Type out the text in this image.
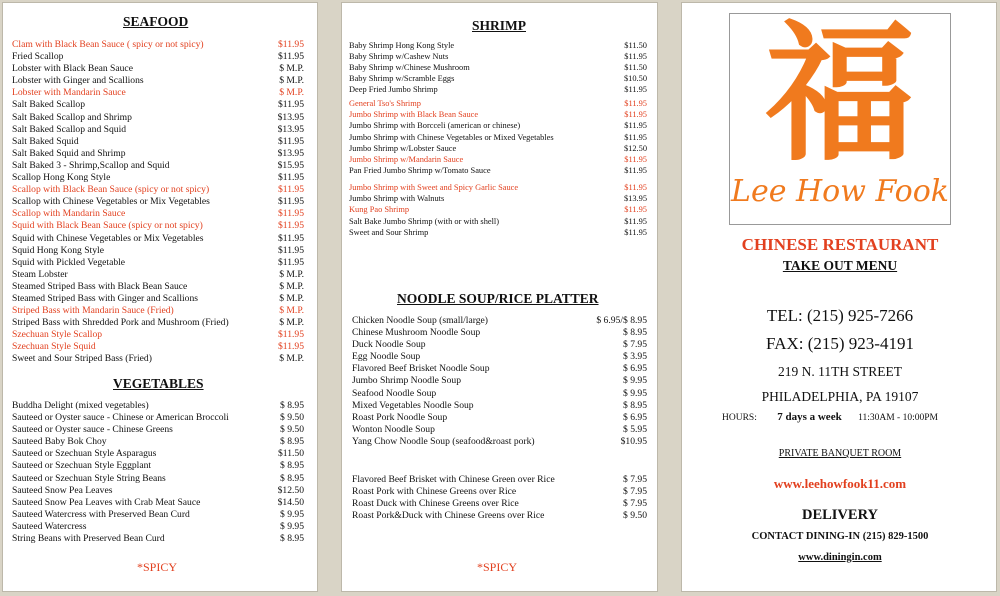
SEAFOOD
Clam with Black Bean Sauce ( spicy or not spicy)	$11.95
Fried Scallop	$11.95
Lobster with Black Bean Sauce	$ M.P.
Lobster with Ginger and Scallions	$ M.P.
Lobster with Mandarin Sauce	$ M.P.
Salt Baked Scallop	$11.95
Salt Baked Scallop and Shrimp	$13.95
Salt Baked Scallop and Squid	$13.95
Salt Baked Squid	$11.95
Salt Baked Squid and Shrimp	$13.95
Salt Baked 3 - Shrimp,Scallop and Squid	$15.95
Scallop Hong Kong Style	$11.95
Scallop with Black Bean Sauce (spicy or not spicy)	$11.95
Scallop with Chinese Vegetables or Mix Vegetables	$11.95
Scallop with Mandarin Sauce	$11.95
Squid with Black Bean Sauce (spicy or not spicy)	$11.95
Squid with Chinese Vegetables or Mix Vegetables	$11.95
Squid Hong Kong Style	$11.95
Squid with Pickled Vegetable	$11.95
Steam Lobster	$ M.P.
Steamed Striped Bass with Black Bean Sauce	$ M.P.
Steamed Striped Bass with Ginger and Scallions	$ M.P.
Striped Bass with Mandarin Sauce (Fried)	$ M.P.
Striped Bass with Shredded Pork and Mushroom (Fried)	$ M.P.
Szechuan Style Scallop	$11.95
Szechuan Style Squid	$11.95
Sweet and Sour Striped Bass (Fried)	$ M.P.
VEGETABLES
Buddha Delight (mixed vegetables)	$ 8.95
Sauteed or Oyster sauce - Chinese or American Broccoli	$ 9.50
Sauteed or Oyster sauce - Chinese Greens	$ 9.50
Sauteed Baby Bok Choy	$ 8.95
Sauteed or Szechuan Style Asparagus	$11.50
Sauteed or Szechuan Style Eggplant	$ 8.95
Sauteed or Szechuan Style String Beans	$ 8.95
Sauteed Snow Pea Leaves	$12.50
Sauteed Snow Pea Leaves with Crab Meat Sauce	$14.50
Sauteed Watercress with Preserved Bean Curd	$ 9.95
Sauteed Watercress	$ 9.95
String Beans with Preserved Bean Curd	$ 8.95
*SPICY
SHRIMP
Baby Shrimp Hong Kong Style	$11.50
Baby Shrimp w/Cashew Nuts	$11.95
Baby Shrimp w/Chinese Mushroom	$11.50
Baby Shrimp w/Scramble Eggs	$10.50
Deep Fried Jumbo Shrimp	$11.95
General Tso's Shrimp	$11.95
Jumbo Shrimp with Black Bean Sauce	$11.95
Jumbo Shrimp with Borcceli (american or chinese)	$11.95
Jumbo Shrimp with Chinese Vegetables or Mixed Vegetables	$11.95
Jumbo Shrimp w/Lobster Sauce	$12.50
Jumbo Shrimp w/Mandarin Sauce	$11.95
Pan Fried Jumbo Shrimp w/Tomato Sauce	$11.95
Jumbo Shrimp with Sweet and Spicy Garlic Sauce	$11.95
Jumbo Shrimp with Walnuts	$13.95
Kung Pao Shrimp	$11.95
Salt Bake Jumbo Shrimp (with or with shell)	$11.95
Sweet and Sour Shrimp	$11.95
NOODLE SOUP/RICE PLATTER
Chicken Noodle Soup (small/large)	$ 6.95/$ 8.95
Chinese Mushroom Noodle Soup	$ 8.95
Duck Noodle Soup	$ 7.95
Egg Noodle Soup	$ 3.95
Flavored Beef Brisket Noodle Soup	$ 6.95
Jumbo Shrimp Noodle Soup	$ 9.95
Seafood Noodle Soup	$ 9.95
Mixed Vegetables Noodle Soup	$ 8.95
Roast Pork Noodle Soup	$ 6.95
Wonton Noodle Soup	$ 5.95
Yang Chow Noodle Soup (seafood&roast pork)	$10.95
Flavored Beef Brisket with Chinese Green over Rice	$ 7.95
Roast Pork with Chinese Greens over Rice	$ 7.95
Roast Duck with Chinese Greens over Rice	$ 7.95
Roast Pork&Duck with Chinese Greens over Rice	$ 9.50
*SPICY
福
Lee How Fook
CHINESE RESTAURANT
TAKE OUT MENU
TEL: (215) 925-7266
FAX: (215) 923-4191
219 N. 11TH STREET
PHILADELPHIA, PA 19107
HOURS: 7 days a week 11:30AM - 10:00PM
PRIVATE BANQUET ROOM
www.leehowfook11.com
DELIVERY
CONTACT DINING-IN (215) 829-1500
www.diningin.com
